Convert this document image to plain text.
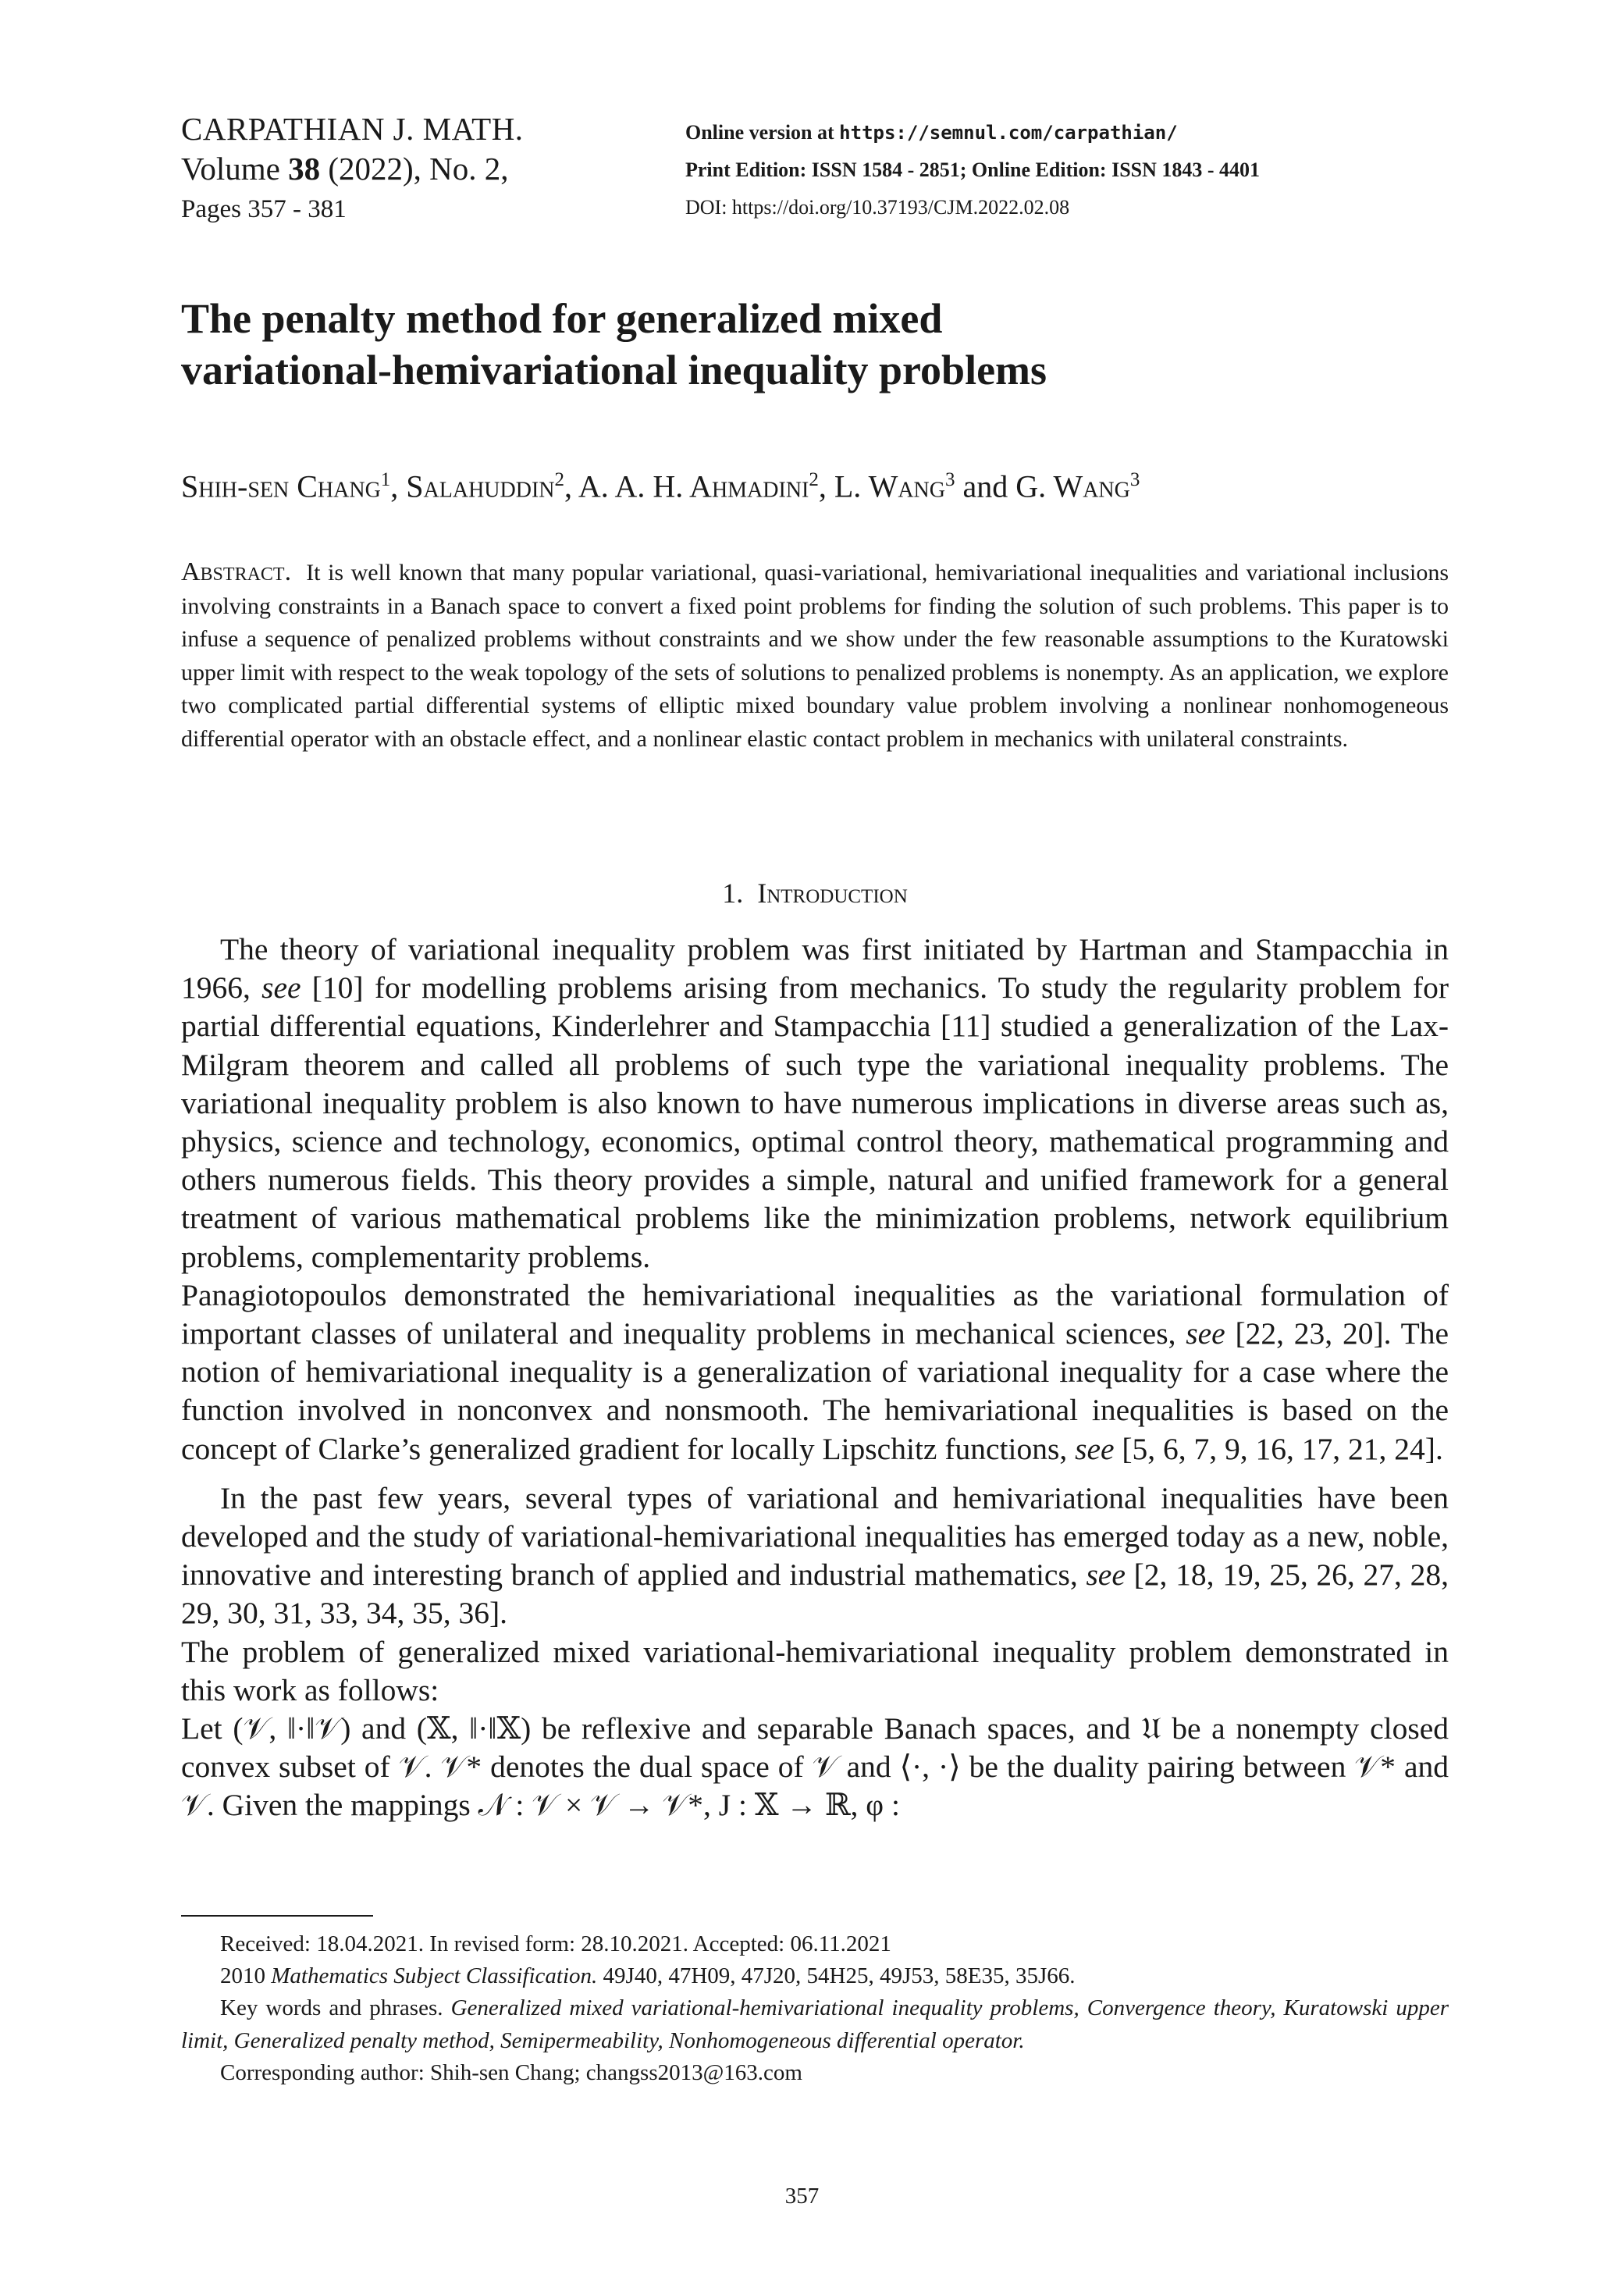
CARPATHIAN J. MATH.
Volume 38 (2022), No. 2,
Pages 357 - 381
Online version at https://semnul.com/carpathian/
Print Edition: ISSN 1584 - 2851; Online Edition: ISSN 1843 - 4401
DOI: https://doi.org/10.37193/CJM.2022.02.08
The penalty method for generalized mixed
variational-hemivariational inequality problems
Shih-sen Chang$^1$, Salahuddin$^2$, A. A. H. Ahmadini$^2$, L. Wang$^3$ and G. Wang$^3$
Abstract. It is well known that many popular variational, quasi-variational, hemivariational inequalities and variational inclusions involving constraints in a Banach space to convert a fixed point problems for finding the solution of such problems. This paper is to infuse a sequence of penalized problems without constraints and we show under the few reasonable assumptions to the Kuratowski upper limit with respect to the weak topology of the sets of solutions to penalized problems is nonempty. As an application, we explore two complicated partial differential systems of elliptic mixed boundary value problem involving a nonlinear nonhomogeneous differential operator with an obstacle effect, and a nonlinear elastic contact problem in mechanics with unilateral constraints.
1. Introduction

The theory of variational inequality problem was first initiated by Hartman and Stampacchia in 1966, see [10] for modelling problems arising from mechanics. To study the regularity problem for partial differential equations, Kinderlehrer and Stampacchia [11] studied a generalization of the Lax-Milgram theorem and called all problems of such type the variational inequality problems. The variational inequality problem is also known to have numerous implications in diverse areas such as, physics, science and technology, economics, optimal control theory, mathematical programming and others numerous fields. This theory provides a simple, natural and unified framework for a general treatment of various mathematical problems like the minimization problems, network equilibrium problems, complementarity problems.

Panagiotopoulos demonstrated the hemivariational inequalities as the variational formulation of important classes of unilateral and inequality problems in mechanical sciences, see [22, 23, 20]. The notion of hemivariational inequality is a generalization of variational inequality for a case where the function involved in nonconvex and nonsmooth. The hemivariational inequalities is based on the concept of Clarke’s generalized gradient for locally Lipschitz functions, see [5, 6, 7, 9, 16, 17, 21, 24].

In the past few years, several types of variational and hemivariational inequalities have been developed and the study of variational-hemivariational inequalities has emerged today as a new, noble, innovative and interesting branch of applied and industrial mathematics, see [2, 18, 19, 25, 26, 27, 28, 29, 30, 31, 33, 34, 35, 36].

The problem of generalized mixed variational-hemivariational inequality problem demonstrated in this work as follows:

Let (𝒱, ‖·‖𝒱) and (𝕏, ‖·‖𝕏) be reflexive and separable Banach spaces, and 𝔘 be a nonempty closed convex subset of 𝒱. 𝒱* denotes the dual space of 𝒱 and ⟨·, ·⟩ be the duality pairing between 𝒱* and 𝒱. Given the mappings 𝒩 : 𝒱 × 𝒱 → 𝒱*, J : 𝕏 → ℝ, φ :

Received: 18.04.2021. In revised form: 28.10.2021. Accepted: 06.11.2021

2010 Mathematics Subject Classification. 49J40, 47H09, 47J20, 54H25, 49J53, 58E35, 35J66.

Key words and phrases. Generalized mixed variational-hemivariational inequality problems, Convergence theory, Kuratowski upper limit, Generalized penalty method, Semipermeability, Nonhomogeneous differential operator.

Corresponding author: Shih-sen Chang; changss2013@163.com

357
